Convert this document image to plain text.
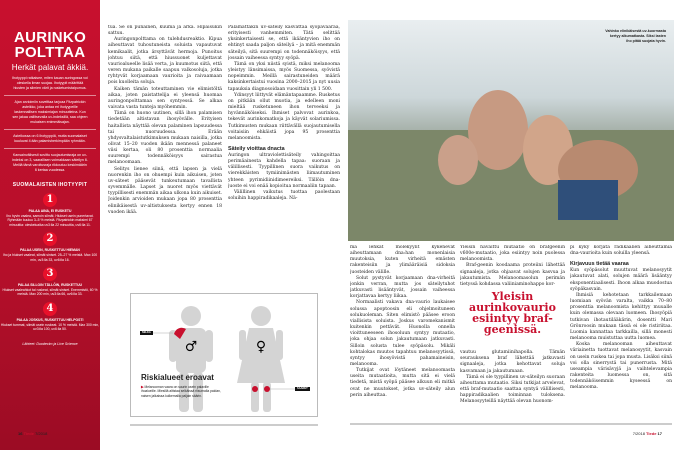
AURINKO
POLTTAA
Herkät palavat äkkiä.
Ihotyyppi ratkaisee, miten kauan auringossa voi oleskella ilman suojaa. Ihotyypit määrittää hiusten ja silmien värit ja rusketumistaipumus.
Ajan arvioimiin sovelttaa tarjoaa Fitzpatrickin asteikko, joka antaa eri ihotyypeille laskennallisen maksimiajan minuutteina. Kun sen jakaa vallitsevalla uv-indeksillä, saa ohjeen mukaisen enimmäisajan.
Asteikossa on 6 ihotyyppiä, mutta suomalaiset kuuluvat 4:ään palamisherkimpään ryhmään.
Kansainvälisesti sovittu suojautumisraja on uv-indeksi on 3, vaarallisen voimakkaan säteilyn 6. Meillä tämä varoitusraja rikkoutuu keskimäärin 6 kertaa vuodessa.
SUOMALAISTEN IHOTYYPIT
1
PALAA AINA, EI RUSKETU
Iho hyvin vaalea, samoin silmät. Hiukset usein punertavat. Ryhmään kuuluu 3–5 % meistä. Fitzpatrickin maksimi 67 minuuttia: oleskeluaika uv3:lla 22 minuuttia, uv6:lla 11.
2
PALAA USEIN, RUSKETTUU HIEMAN
Iho ja hiukset vaaleat, silmät siniset. 25–27 % meistä. Max 100 min, uv3:lla 33, uv6:lla 16.
3
PALAA SILLOIN TÄLLÖIN, RUSKETTUU
Hiukset vaaleahkot tai ruskeat, silmät siniset. Enemmistö, 60 % meistä. Max 200 min, uv3:lla 66, uv6:lla 33.
4
PALAA JOSKUS, RUSKETTUU HELPOSTI
Hiukset tummat, silmät usein ruskeat. 10 % meistä. Max 300 min, uv3:lla 100, uv6:lla 50.
Lähteet: Duodecim ja Live Science

tua. Se on punainen, kuuma ja arka. Hipaisukin sattuu.

Auringonpolttama on tulehdusreaktio. Kipua aiheuttavat tuhoutuneista soluista vapautuvat kemikaalit, jotka ärsyttävät hermoja. Punoitus johtuu siitä, että hiussuonet kuljettavat vaurioalueelle lisää verta, ja kuumotus siitä, että veren mukana paikalle saapuu valkosoluja, jotka ryhtyvät korjaamaan vaurioita ja raivaamaan pois kuolleita soluja.

Kaiken tämän toteuttaminen vie elimistöltä aikaa, joten paistattelija ei yleensä huomaa auringonpolttamaa sen syntyessä. Se alkaa vaivata vasta tunteja myöhemmin.

Tämä on huono uutinen, sillä ihon palamisen tiedetään altistavan ihosyövälle. Erityisen haitallista näyttää olevan palaminen lapsuudessa tai nuoruudessa. Erään yhdysvaltalaistutkimuksen mukaan naisilla, jotka olivat 15–20 vuoden ikään mennessä palaneet viisi kertaa, oli 80 prosenttia normaalia suurempi todennäköisyys sairastua melanoomaan.

Selitys lienee siinä, että lapsen ja vielä nuorenkin iho on ohuempi kuin aikuisen, joten uv-säteet pääsevät tunkeutumaan tavallista syvemmälle. Lapset ja nuoret myös viettävät tyypillisesti enemmän aikaa ulkona kuin aikuiset. Joidenkin arvioiden mukaan jopa 80 prosenttia elinikäisestä uv-altistuksesta kertyy ennen 18 vuoden ikää.

Palamattakin uv-säteily kasvattaa syöpävaaraa, erityisesti vanhemmiten. Tätä selittää yksinkertaisesti se, että ikääntyvien iho on ehtinyt saada paljon säteilyä – ja mitä enemmän säteilyä, sitä suurempi on todennäköisyys, että jossain vaiheessa syntyy syöpä.

Tämä on yksi niistä syistä, miksi melanooma yleistyy länsimaissa, myös Suomessa, syövistä nopeimmin. Meillä sairastuneiden määrä kaksinkertaistui vuosina 2000–2015 ja nyt uusia tapauksia diagnosoidaan vuosittain yli 1 500.

Ydinsyyt liittyvät elämäntapaamme. Rusketus on pitkään ollut muotia, ja edelleen moni mieltää rusketuneen ihon terveeksi ja hyvännäköiseksi. Ihmiset palvovat aurinkoa, tekevät aurinkomatkoja ja käyvät solariumissa. Tutkimusten mukaan riittävällä suojautumisella voitaisiin ehkäistä jopa 95 prosenttia melanoomista.

Säteily vioittaa dnacta

Auringon ultraviolettisäteily vahingoittaa perimäainesta kahdella tapaa: suoraan ja välillisesti. Tyypillinen suora vaikutus on vierekkäisten tymiinimästen liimautuminen yhteen pyrimidiinidimeereiksi. Tällöin dna-juoste ei voi enää kopioitua normaaliin tapaan.

Välillinen vaikutus tuottaa paolestaan soluihin happiradikaaleja. Nä-

♂	♀
SELKÄ
SÄÄRET
Riskialueet eroavat
▶ Melanooman vaara on suurin usein palaville ihoalueille. Miesillä altistaa selkäissä riisumalla paidan, naisen jalkaissa kulkemalla paljain säärin.
Vahinko elinikäisestä uv-kuormasta kertyy alkumatkasta. Siksi lasten iho pitää suojata hyvin.

mä lehkät molekyylit kykenevät aiheuttamaan dna:han monenlaisia muutoksia, kuten virheitä emästen rakenteisiin ja ylimääräisiä sidoksia juosteiden välille.

Solut pystyvät korjaamaan dna-virheitä jonkin verran, mutta jos säteilytuhot jatkuvasti lisääntyvät, jossain vaiheessa korjattavaa kertyy liikaa.

Normaalisti vakava dna-vaurio laukaisee solussa apoptoosin eli ohjelmoituneen solukuoleman. Siten elimistö pääsee eroon viallisista soluista. Joskus varomekanismit kuitenkin pettävät. Huonolla onnella vioittuneeseen ihosoluun syntyy mutaatio, joka ohjaa solun jakautumaan jatkuvasti. Silloin solusta tulee syöpäsolu. Mikäli kohtalokas muutos tapahtuu melanosyytissä, syntyy ihosyövistä pahamaineisin, melanooma.

Tutkijat ovat löytäneet melanoomasta useita mutaatioita, mutta sitä ei vielä tiedetä, mistä syöpä pääsee alkuun eli mitkä ovat ne muutokset, jotka uv-säteily alun perin aiheuttaa.

Yleisin havaittu mutaatio on brafgeenin v600e-mutaatio, joka esiintyy noin puolessa melanoomista.

Braf-geenin koodaama proteiini lähettää signaaleja, jotka ohjaavat solujen kasvua ja jakautumista. Melanoomasolun perimän tietyssä kohdassa valiiniaminohappo kor-

vautuu glutamiinihapolla. Tämän seurauksena braf lähettää jatkuvasti signaaleja, jotka kehottavat soluja kasvamaan ja jakautumaan.

Tämä ei ole tyypillinen uv-säteilyn suoraan aiheuttama mutaatio. Siksi tutkijat arvelevat, että braf-mutaatio saattaa syntyä välillisesti, happiradikaalien toiminnan tuloksena. Melanosyyteillä näyttää olevan huonom-

Yleisin aurinkovaurio esiintyy braf-geenissä.

pi kyky korjata radikaalien aiheuttamia dna-vaurioita kuin soluilla yleensä.

Kirjavuus tietää vaaraa

Kun syöpäsolut muuttuvat melanosyytit jakautuvat alati, solujen määrä lisääntyy eksponentiaalisesti. Ihoon alkaa muodostua syöpäkasvain.

Ihmisiä kehotetaan tarkkailemaan luomiaan syövän varalta, vaikka 70–80 prosenttia melanoomista kehittyy muualle kuin olemassa olevaan luomeen. Ihosyöpiä tutkivan ihotautilääkärin, dosentti Mari Grönroosin mukaan tässä ei ole ristiriitaa. Luomia kannattaa tarkkailla, sillä monesti melanooma muistuttaa uutta luomea.

Koska melanooman aiheuttavat väriainetta tuottavat melanosyytit, kasvain on usein ruskea tai jopa musta. Lisäksi siinä voi olla sinerrystä tai punerrusta. Mitä useampia värisävyjä ja vaihtelevampia rakenteita luomessa on, sitä todennäköisemmin kyseessä on melanooma.

16 Tiede 7/2018	7/2018 Tiede 17
